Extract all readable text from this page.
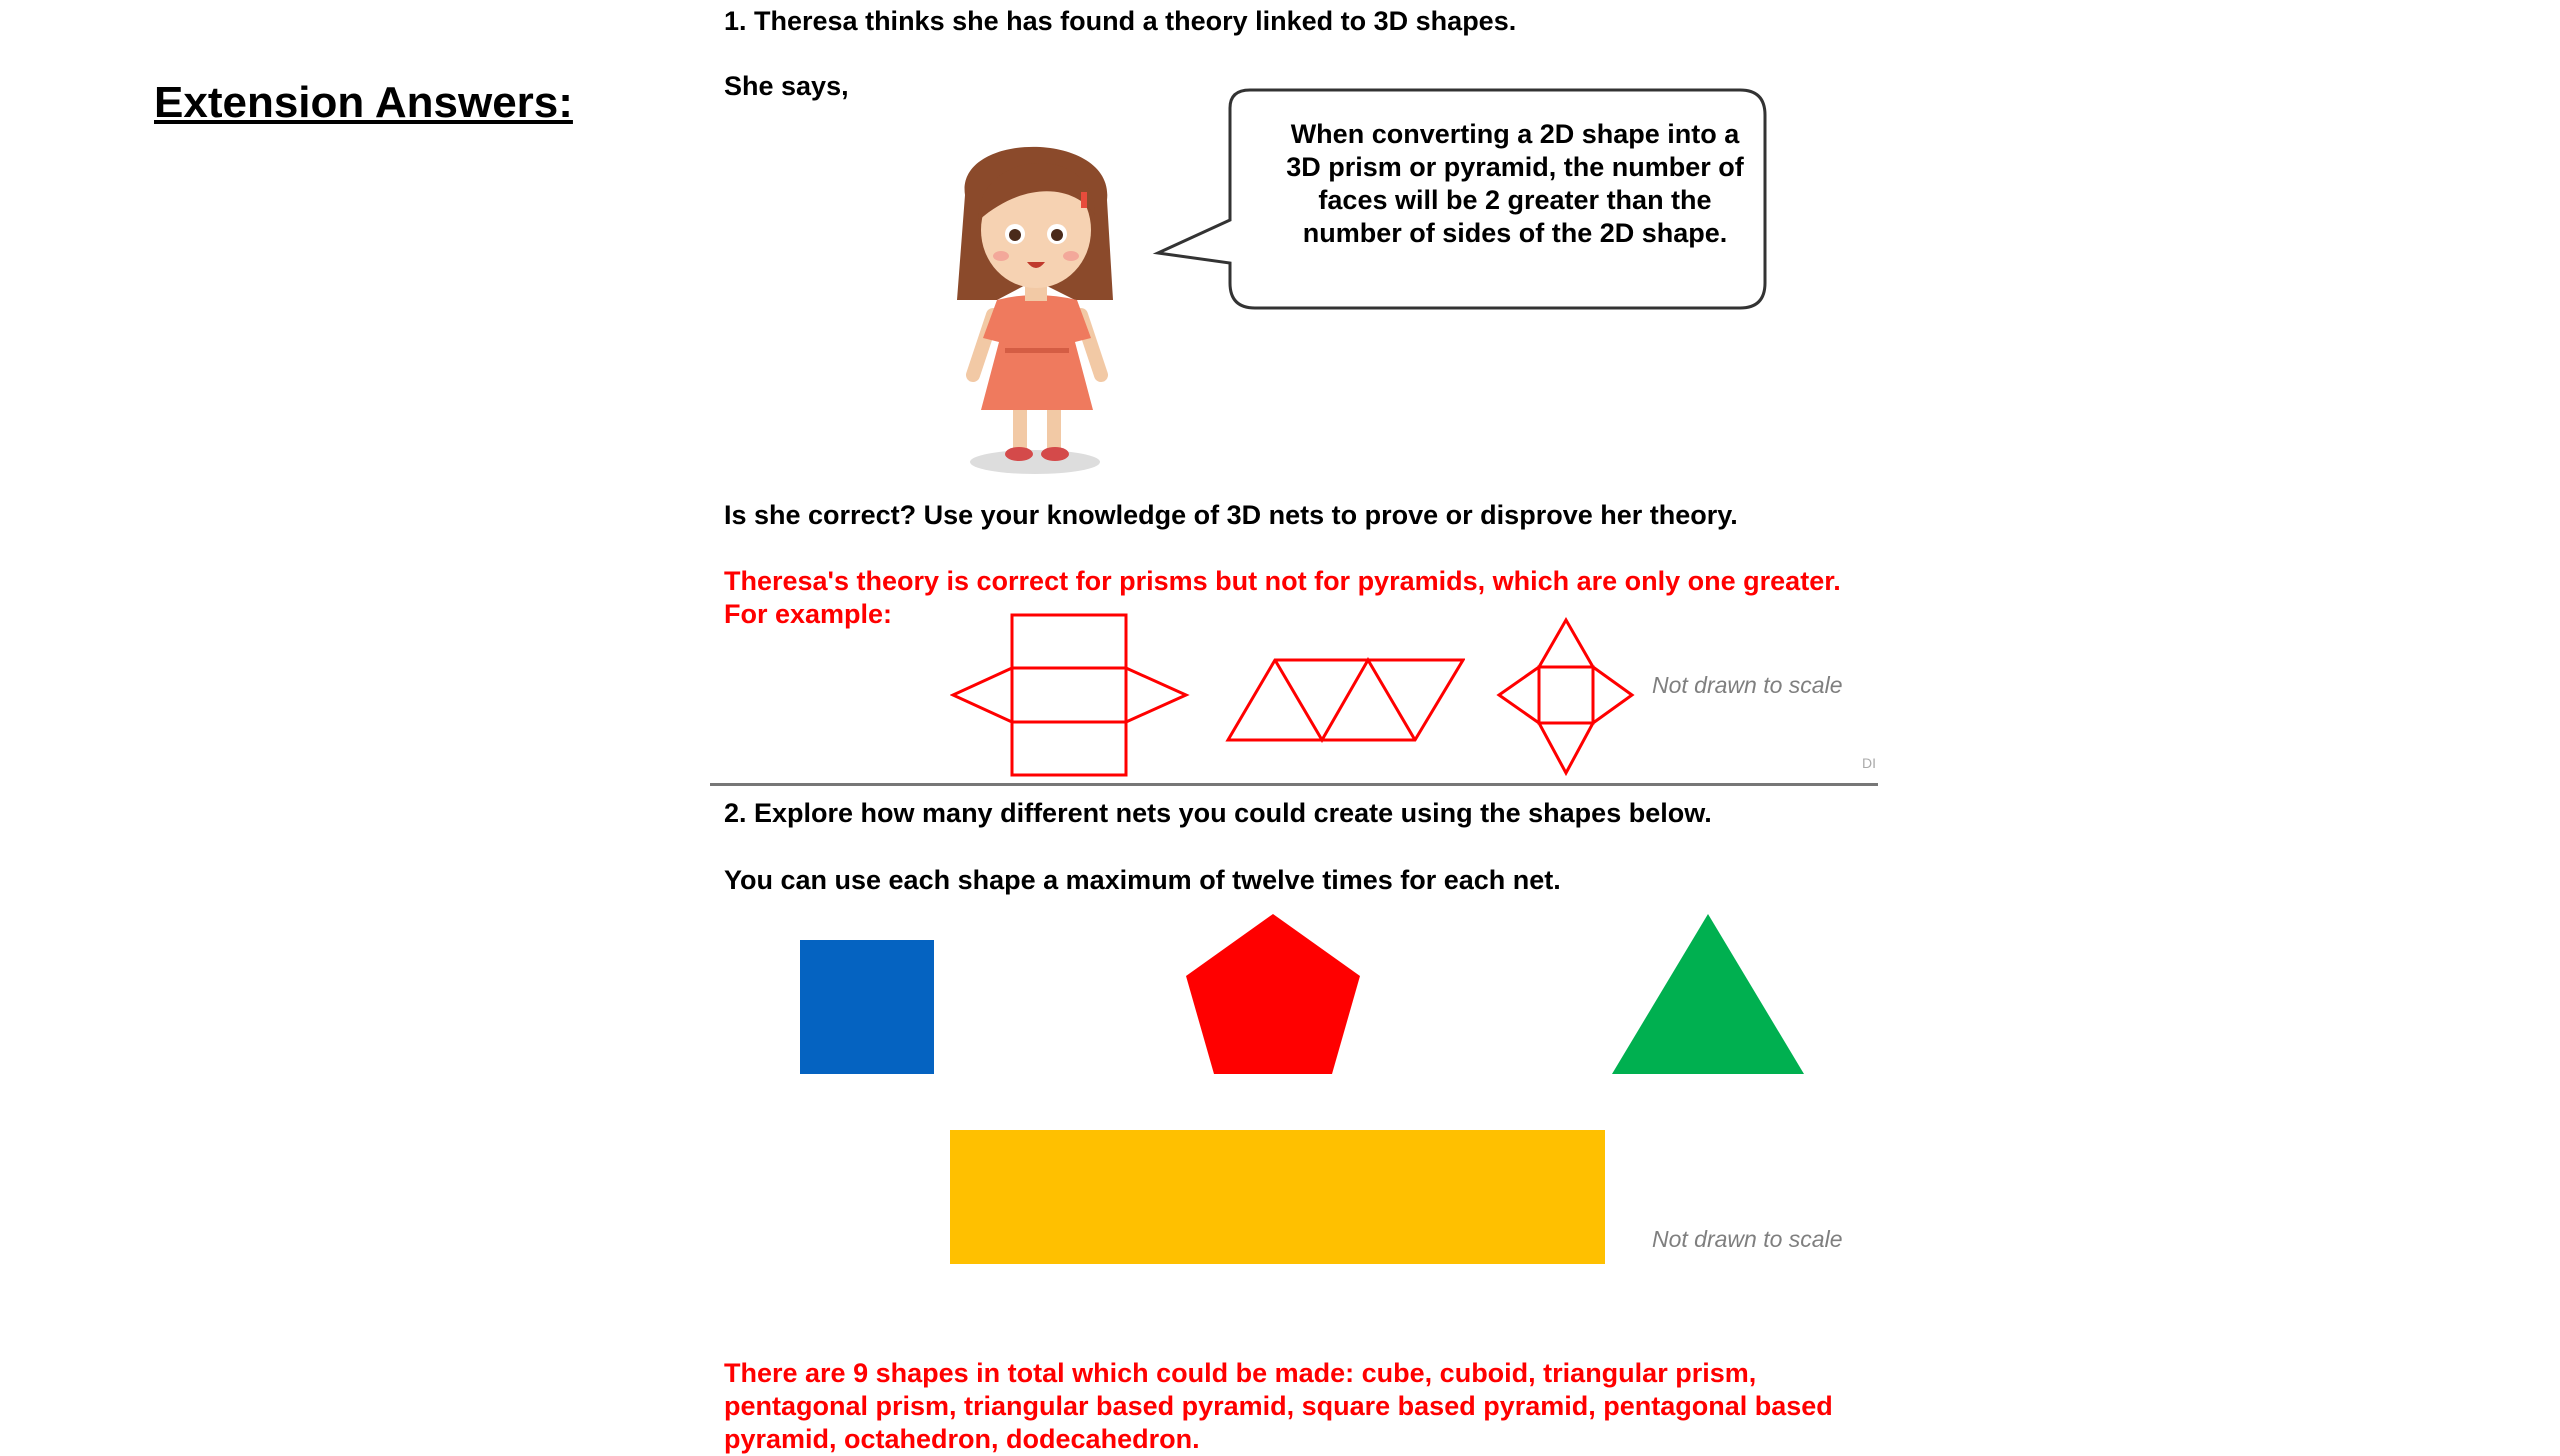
Extension Answers:
1. Theresa thinks she has found a theory linked to 3D shapes.
She says,
When converting a 2D shape into a 3D prism or pyramid, the number of faces will be 2 greater than the number of sides of the 2D shape.
Is she correct? Use your knowledge of 3D nets to prove or disprove her theory.
Theresa's theory is correct for prisms but not for pyramids, which are only one greater.
For example:
Not drawn to scale
DI
2. Explore how many different nets you could create using the shapes below.
You can use each shape a maximum of twelve times for each net.
Not drawn to scale
There are 9 shapes in total which could be made: cube, cuboid, triangular prism, pentagonal prism, triangular based pyramid, square based pyramid, pentagonal based pyramid, octahedron, dodecahedron.
